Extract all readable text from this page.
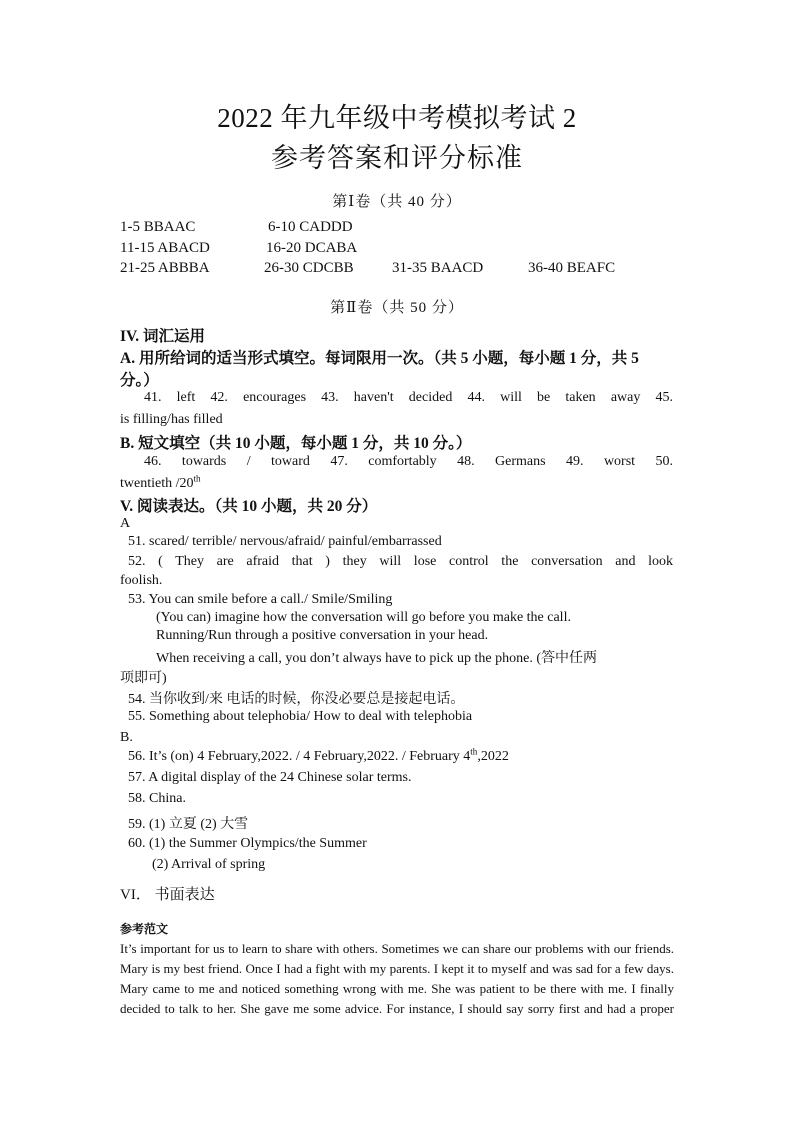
2022 年九年级中考模拟考试 2
参考答案和评分标准
第Ⅰ卷（共 40 分）
1-5 BBAAC	6-10 CADDD
11-15 ABACD	16-20 DCABA
21-25 ABBBA	26-30 CDCBB	31-35 BAACD	36-40 BEAFC
第Ⅱ卷（共 50 分）
IV. 词汇运用
A. 用所给词的适当形式填空。每词限用一次。（共 5 小题，每小题 1 分，共 5
分。）
41. left 42. encourages 43. haven't decided 44. will be taken away 45.
is filling/has filled
B. 短文填空（共 10 小题，每小题 1 分，共 10 分。）
46. towards / toward 47. comfortably 48. Germans 49. worst 50.
twentieth /20th
V. 阅读表达。（共 10 小题，共 20 分）
A
51. scared/ terrible/ nervous/afraid/ painful/embarrassed
52. ( They are afraid that ) they will lose control the conversation and look
foolish.
53. You can smile before a call./ Smile/Smiling
(You can) imagine how the conversation will go before you make the call.
Running/Run through a positive conversation in your head.
When receiving a call, you don’t always have to pick up the phone. (答中任两
项即可)
54. 当你收到/来 电话的时候，你没必要总是接起电话。
55. Something about telephobia/ How to deal with telephobia
B.
56. It’s (on) 4 February,2022. / 4 February,2022. / February 4th,2022
57. A digital display of the 24 Chinese solar terms.
58. China.
59. (1) 立夏 (2) 大雪
60. (1) the Summer Olympics/the Summer
(2) Arrival of spring
VI． 书面表达
参考范文
It’s important for us to learn to share with others. Sometimes we can share our problems with our friends.
Mary is my best friend. Once I had a fight with my parents. I kept it to myself and was sad for a few days.
Mary came to me and noticed something wrong with me. She was patient to be there with me. I finally
decided to talk to her. She gave me some advice. For instance, I should say sorry first and had a proper
